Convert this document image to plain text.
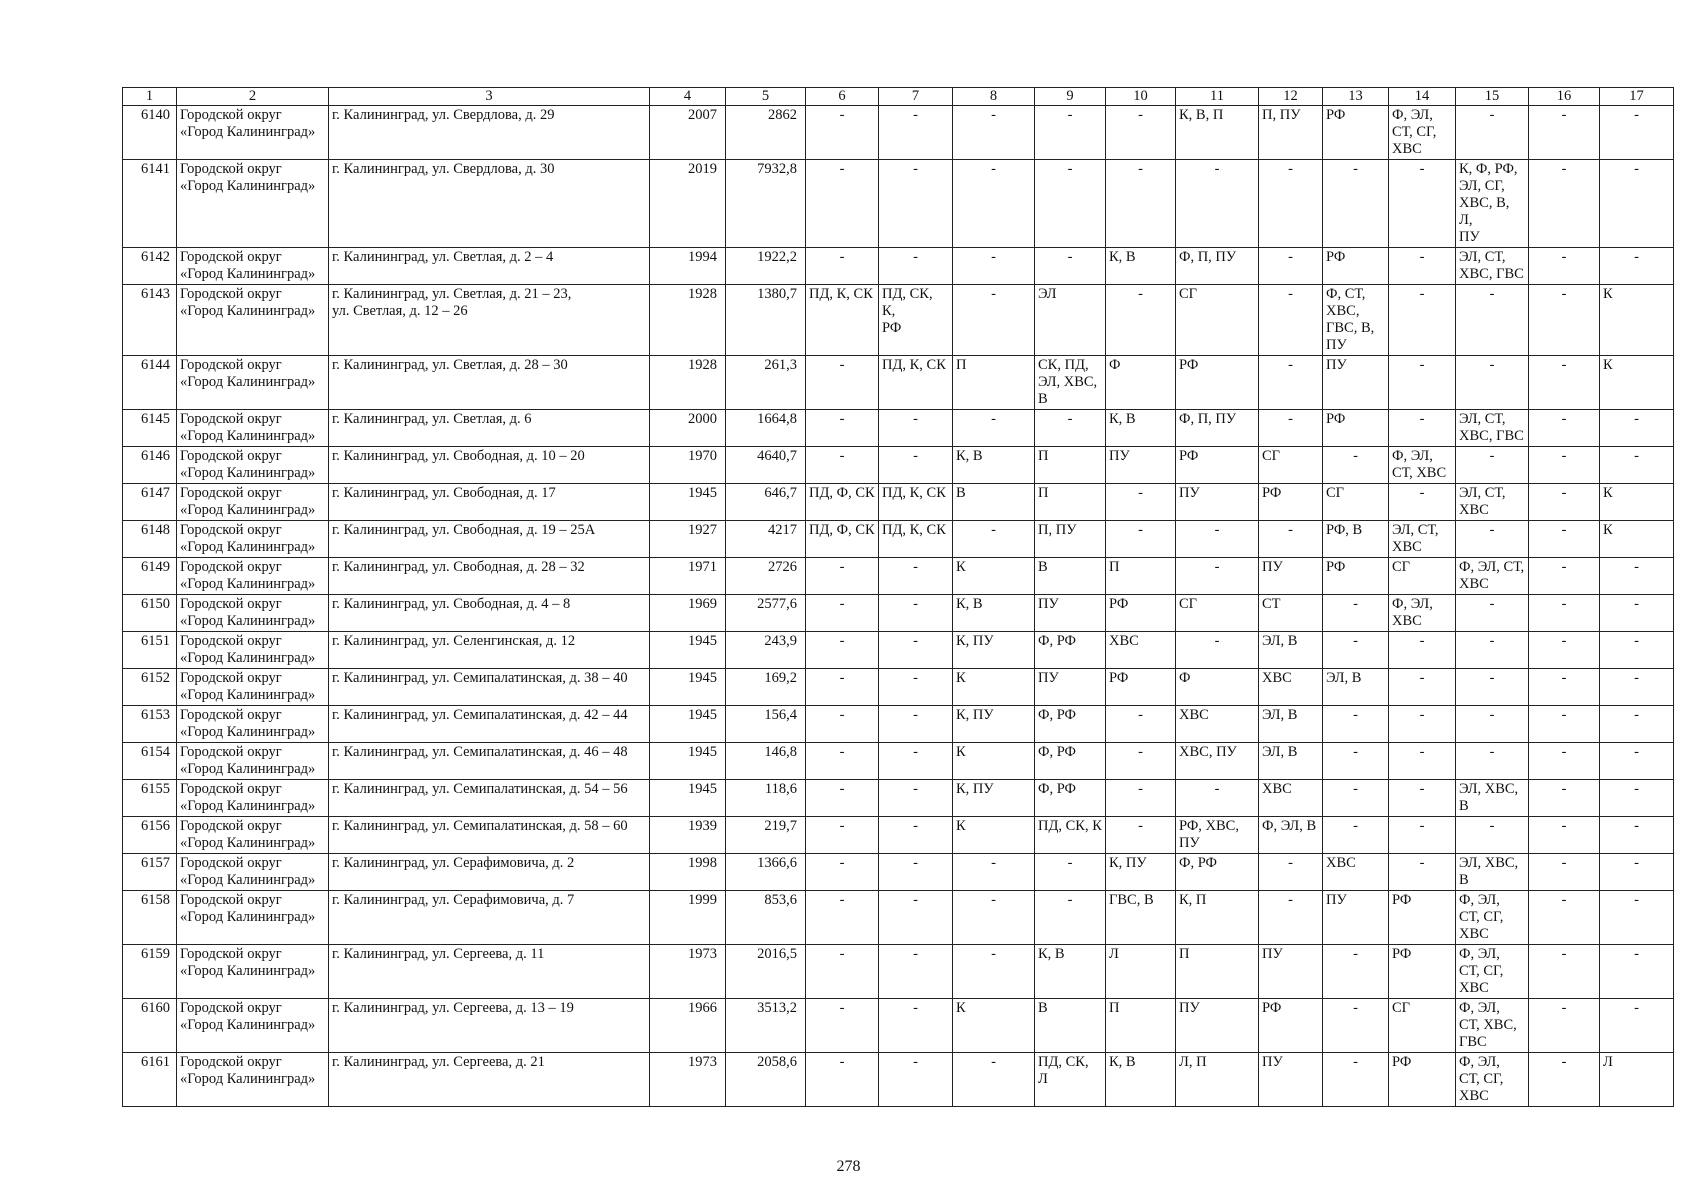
1	2	3	4	5	6	7	8	9	10	11	12	13	14	15	16	17
6140	Городской округ
«Город Калининград»	г. Калининград, ул. Свердлова, д. 29	2007	2862	-	-	-	-	-	К, В, П	П, ПУ	РФ	Ф, ЭЛ,
СТ, СГ,
ХВС	-	-	-
6141	Городской округ
«Город Калининград»	г. Калининград, ул. Свердлова, д. 30	2019	7932,8	-	-	-	-	-	-	-	-	-	К, Ф, РФ,
ЭЛ, СГ,
ХВС, В, Л,
ПУ	-	-
6142	Городской округ
«Город Калининград»	г. Калининград, ул. Светлая, д. 2 – 4	1994	1922,2	-	-	-	-	К, В	Ф, П, ПУ	-	РФ	-	ЭЛ, СТ,
ХВС, ГВС	-	-
6143	Городской округ
«Город Калининград»	г. Калининград, ул. Светлая, д. 21 – 23,
ул. Светлая, д. 12 – 26	1928	1380,7	ПД, К, СК	ПД, СК, К,
РФ	-	ЭЛ	-	СГ	-	Ф, СТ,
ХВС,
ГВС, В,
ПУ	-	-	-	К
6144	Городской округ
«Город Калининград»	г. Калининград, ул. Светлая, д. 28 – 30	1928	261,3	-	ПД, К, СК	П	СК, ПД,
ЭЛ, ХВС,
В	Ф	РФ	-	ПУ	-	-	-	К
6145	Городской округ
«Город Калининград»	г. Калининград, ул. Светлая, д. 6	2000	1664,8	-	-	-	-	К, В	Ф, П, ПУ	-	РФ	-	ЭЛ, СТ,
ХВС, ГВС	-	-
6146	Городской округ
«Город Калининград»	г. Калининград, ул. Свободная, д. 10 – 20	1970	4640,7	-	-	К, В	П	ПУ	РФ	СГ	-	Ф, ЭЛ,
СТ, ХВС	-	-	-
6147	Городской округ
«Город Калининград»	г. Калининград, ул. Свободная, д. 17	1945	646,7	ПД, Ф, СК	ПД, К, СК	В	П	-	ПУ	РФ	СГ	-	ЭЛ, СТ,
ХВС	-	К
6148	Городской округ
«Город Калининград»	г. Калининград, ул. Свободная, д. 19 – 25А	1927	4217	ПД, Ф, СК	ПД, К, СК	-	П, ПУ	-	-	-	РФ, В	ЭЛ, СТ,
ХВС	-	-	К
6149	Городской округ
«Город Калининград»	г. Калининград, ул. Свободная, д. 28 – 32	1971	2726	-	-	К	В	П	-	ПУ	РФ	СГ	Ф, ЭЛ, СТ,
ХВС	-	-
6150	Городской округ
«Город Калининград»	г. Калининград, ул. Свободная, д. 4 – 8	1969	2577,6	-	-	К, В	ПУ	РФ	СГ	СТ	-	Ф, ЭЛ,
ХВС	-	-	-
6151	Городской округ
«Город Калининград»	г. Калининград, ул. Селенгинская, д. 12	1945	243,9	-	-	К, ПУ	Ф, РФ	ХВС	-	ЭЛ, В	-	-	-	-	-
6152	Городской округ
«Город Калининград»	г. Калининград, ул. Семипалатинская, д. 38 – 40	1945	169,2	-	-	К	ПУ	РФ	Ф	ХВС	ЭЛ, В	-	-	-	-
6153	Городской округ
«Город Калининград»	г. Калининград, ул. Семипалатинская, д. 42 – 44	1945	156,4	-	-	К, ПУ	Ф, РФ	-	ХВС	ЭЛ, В	-	-	-	-	-
6154	Городской округ
«Город Калининград»	г. Калининград, ул. Семипалатинская, д. 46 – 48	1945	146,8	-	-	К	Ф, РФ	-	ХВС, ПУ	ЭЛ, В	-	-	-	-	-
6155	Городской округ
«Город Калининград»	г. Калининград, ул. Семипалатинская, д. 54 – 56	1945	118,6	-	-	К, ПУ	Ф, РФ	-	-	ХВС	-	-	ЭЛ, ХВС,
В	-	-
6156	Городской округ
«Город Калининград»	г. Калининград, ул. Семипалатинская, д. 58 – 60	1939	219,7	-	-	К	ПД, СК, К	-	РФ, ХВС,
ПУ	Ф, ЭЛ, В	-	-	-	-	-
6157	Городской округ
«Город Калининград»	г. Калининград, ул. Серафимовича, д. 2	1998	1366,6	-	-	-	-	К, ПУ	Ф, РФ	-	ХВС	-	ЭЛ, ХВС,
В	-	-
6158	Городской округ
«Город Калининград»	г. Калининград, ул. Серафимовича, д. 7	1999	853,6	-	-	-	-	ГВС, В	К, П	-	ПУ	РФ	Ф, ЭЛ,
СТ, СГ,
ХВС	-	-
6159	Городской округ
«Город Калининград»	г. Калининград, ул. Сергеева, д. 11	1973	2016,5	-	-	-	К, В	Л	П	ПУ	-	РФ	Ф, ЭЛ,
СТ, СГ,
ХВС	-	-
6160	Городской округ
«Город Калининград»	г. Калининград, ул. Сергеева, д. 13 – 19	1966	3513,2	-	-	К	В	П	ПУ	РФ	-	СГ	Ф, ЭЛ,
СТ, ХВС,
ГВС	-	-
6161	Городской округ
«Город Калининград»	г. Калининград, ул. Сергеева, д. 21	1973	2058,6	-	-	-	ПД, СК, Л	К, В	Л, П	ПУ	-	РФ	Ф, ЭЛ,
СТ, СГ,
ХВС	-	Л
278
